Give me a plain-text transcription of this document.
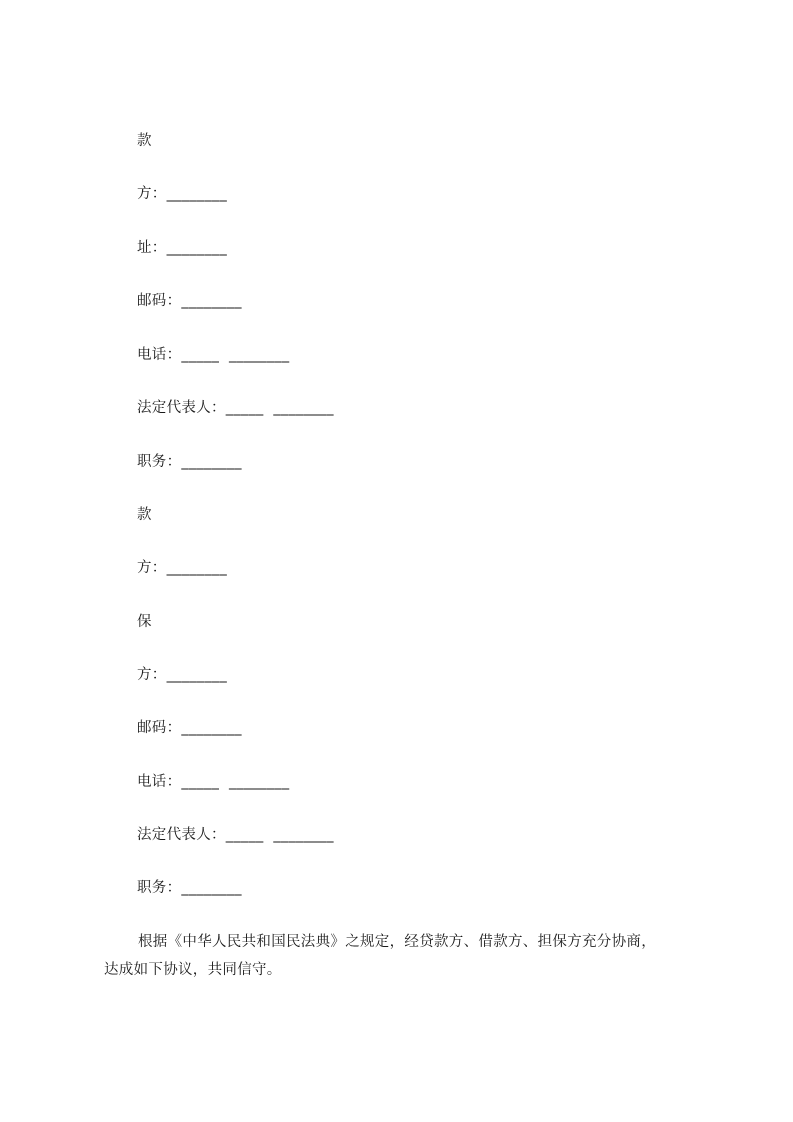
款
方：________
址：________
邮码：________
电话：_____  ________
法定代表人：_____  ________
职务：________
款
方：________
保
方：________
邮码：________
电话：_____  ________
法定代表人：_____  ________
职务：________
根据《中华人民共和国民法典》之规定，经贷款方、借款方、担保方充分协商，
达成如下协议，共同信守。
